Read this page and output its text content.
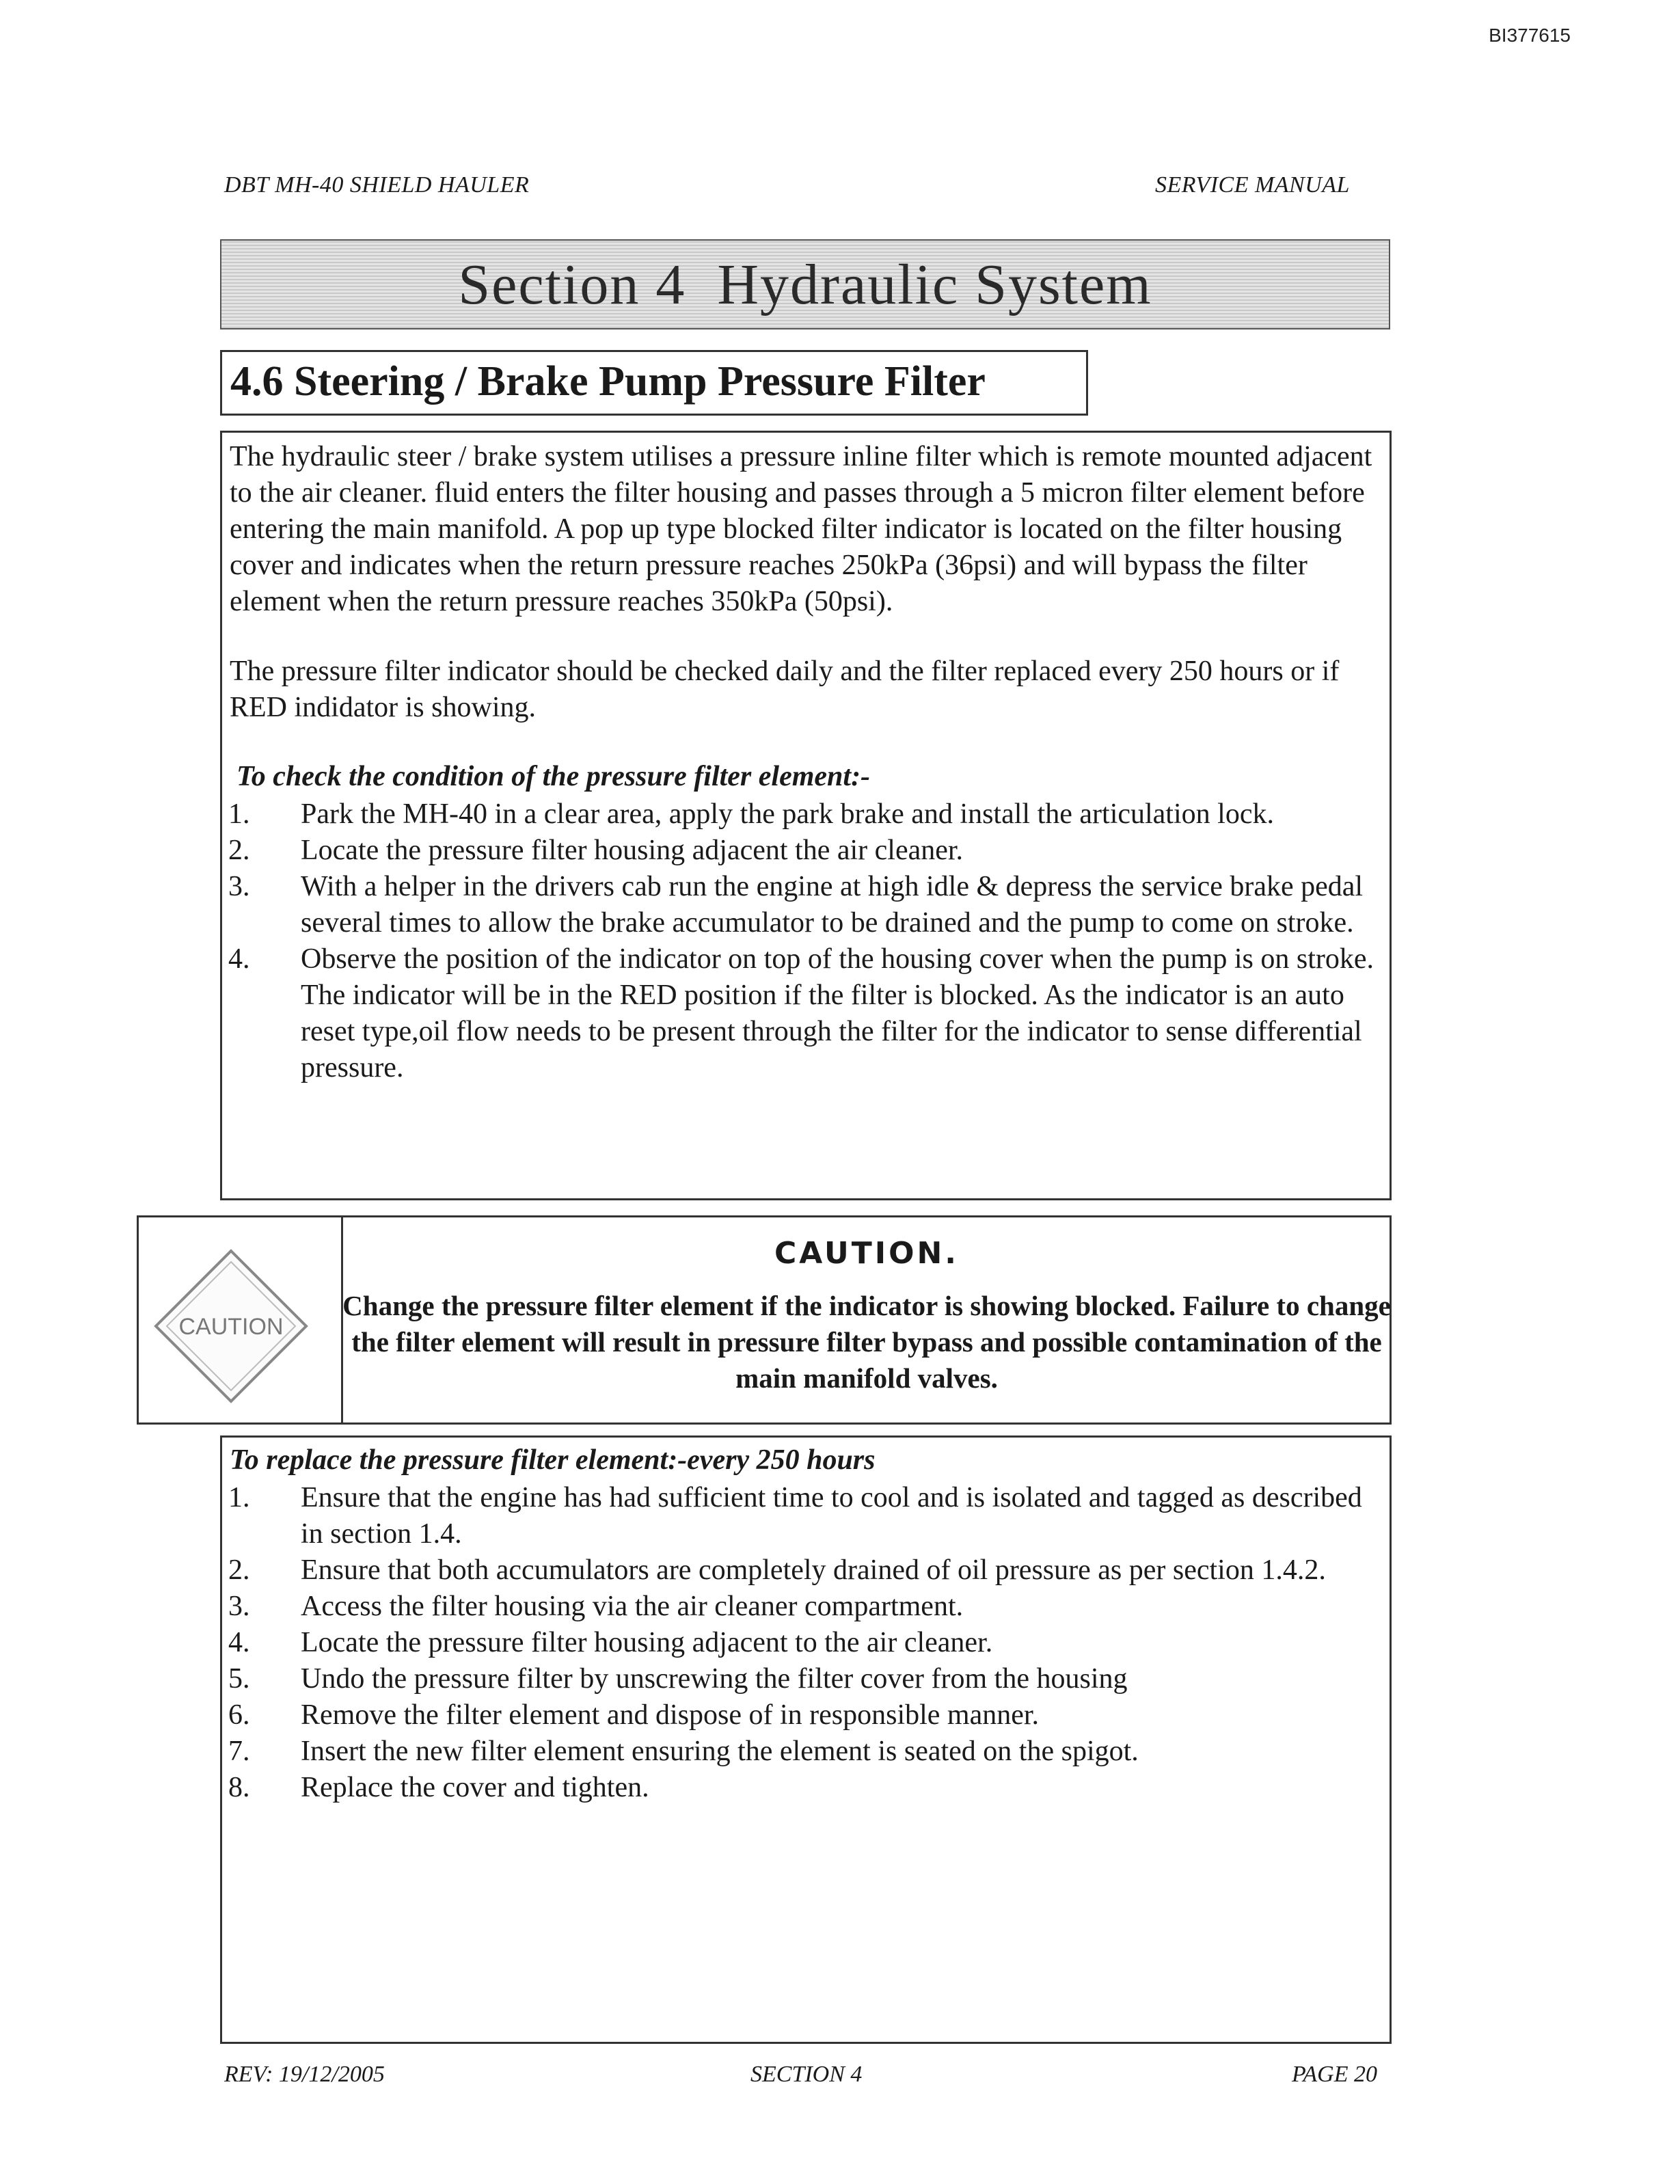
BI377615
DBT MH-40 SHIELD HAULER	SERVICE MANUAL
Section 4  Hydraulic System
4.6 Steering / Brake Pump Pressure Filter
The hydraulic steer / brake system utilises a pressure inline filter which is remote mounted adjacent to the air cleaner. fluid enters the filter housing and passes through a 5 micron filter element before entering the main manifold. A pop up type blocked filter indicator is located on the filter housing cover and indicates when the return pressure reaches 250kPa (36psi) and will bypass the filter element when the return pressure reaches 350kPa (50psi).
The pressure filter indicator should be checked daily and the filter replaced every 250 hours or if RED indidator is showing.
To check the condition of the pressure filter element:-
1.	Park the MH-40 in a clear area, apply the park brake and install the articulation lock.
2.	Locate the pressure filter housing adjacent the air cleaner.
3.	With a helper in the drivers cab run the engine at high idle & depress the service brake pedal several times to allow the brake accumulator to be drained and the pump to come on stroke.
4.	Observe the position of the indicator on top of the housing cover when the pump is on stroke. The indicator will be in the RED position if the filter is blocked. As the indicator is an auto reset type,oil flow needs to be present through the filter for the indicator to sense differential pressure.
CAUTION
CAUTION.
Change the pressure filter element if the indicator is showing blocked. Failure to change the filter element will result in pressure filter bypass and possible contamination of the main manifold valves.
To replace the pressure filter element:-every 250 hours
1.	Ensure that the engine has had sufficient time to cool and is isolated and tagged as described in section 1.4.
2.	Ensure that both accumulators are completely drained of oil pressure as per section 1.4.2.
3.	Access the filter housing via the air cleaner compartment.
4.	Locate the pressure filter housing adjacent to the air cleaner.
5.	Undo the pressure filter by unscrewing the filter cover from the housing
6.	Remove the filter element and dispose of in responsible manner.
7.	Insert the new filter element ensuring the element is seated on the spigot.
8.	Replace the cover and tighten.
REV: 19/12/2005	SECTION 4	PAGE 20
